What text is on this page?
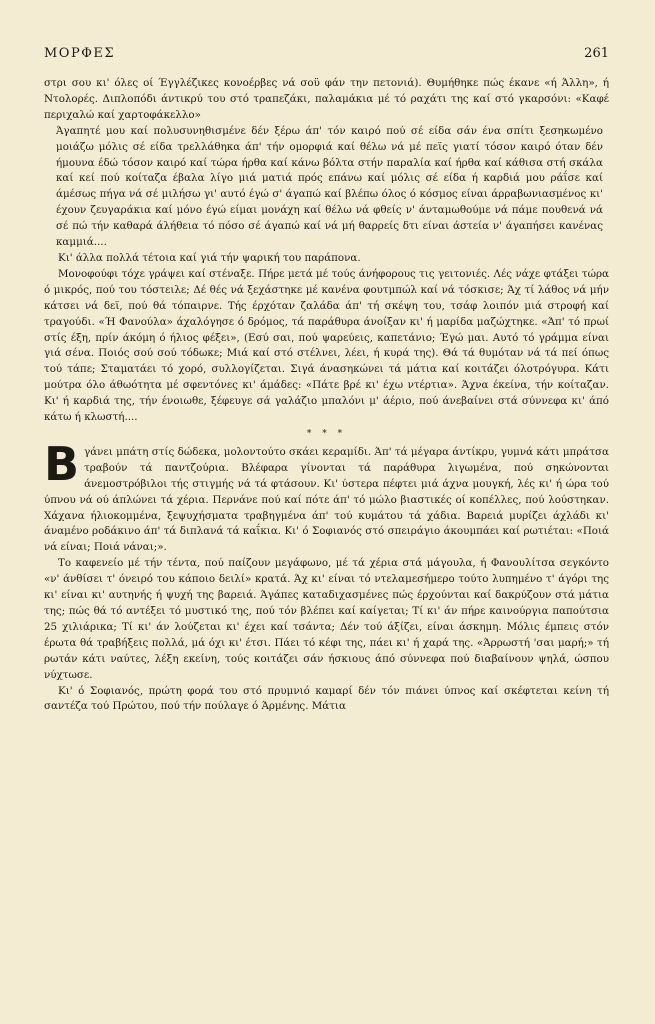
ΜΟΡΦΕΣ	261

στρι σου κι' όλες οί Έγγλέζικες κονοέρβες νά σοϋ φάν την πετονιά). Θυμήθηκε πώς έκανε «ή Άλλη», ή Ντολορές. Διπλοπόδι άντικρύ του στό τραπεζάκι, παλαμάκια μέ τό ραχάτι της καί στό γκαρσόνι: «Καφέ περιχαλώ καί χαρτοφάκελλο»

Άγαπητέ μου καί πολυσυνηθισμένε δέν ξέρω άπ' τόν καιρό πού σέ είδα σάν ένα σπίτι ξεσηκωμένο μοιάζω μόλις σέ είδα τρελλάθηκα άπ' τήν ομορφιά καί θέλω νά μέ πεϊς γιατί τόσον καιρό όταν δέν ήμουνα έδώ τόσον καιρό καί τώρα ήρθα καί κάνω βόλτα στήν παραλία καί ήρθα καί κάθισα στή σκάλα καί κεί πού κοίταζα έβαλα λίγο μιά ματιά πρός επάνω καί μόλις σέ είδα ή καρδιά μου ράΐσε καί άμέσως πήγα νά σέ μιλήσω γι' αυτό έγώ σ' άγαπώ καί βλέπω όλος ό κόσμος είναι άρραβωνιασμένος κι' έχουν ζευγαράκια καί μόνο έγώ είμαι μονάχη καί θέλω νά φθείς ν' άνταμωθούμε νά πάμε πουθενά νά σέ πώ τήν καθαρά άλήθεια τό πόσο σέ άγαπώ καί νά μή θαρρείς δτι είναι άστεία ν' άγαπήσει κανένας καμμιά....

Κι' άλλα πολλά τέτοια καί γιά τήν ψαρική του παράπονα.

Μονοφούφι τόχε γράψει καί στέναξε. Πήρε μετά μέ τούς άνήφορους τις γειτονιές. Λές νάχε φτάξει τώρα ό μικρός, πού του τόστειλε; Δέ θές νά ξεχάστηκε μέ κανένα φουτμπώλ καί νά τόσκισε; Άχ τί λάθος νά μήν κάτσει νά δεϊ, πού θά τόπαιρνε. Τής έρχόταν ζαλάδα άπ' τή σκέψη του, τσάφ λοιπόν μιά στροφή καί τραγούδι. «Ή Φανούλα» άχαλόγησε ό δρόμος, τά παράθυρα άνοίξαν κι' ή μαρίδα μαζώχτηκε. «Άπ' τό πρωί στίς έξη, πρίν άκόμη ό ήλιος φέξει», (Εσύ σαι, πού ψαρεύεις, καπετάνιο; Έγώ μαι. Αυτό τό γράμμα είναι γιά σένα. Ποιός σού σού τόδωκε; Μιά καί στό στέλνει, λέει, ή κυρά της). Θά τά θυμόταν νά τά πεί όπως τού τάπε; Σταματάει τό χορό, συλλογίζεται. Σιγά άνασηκώνει τά μάτια καί κοιτάζει όλοτρόγυρα. Κάτι μούτρα όλο άθωότητα μέ σφεντόνες κι' άμάδες: «Πάτε βρέ κι' έχω ντέρτια». Άχνα έκείνα, τήν κοίταζαν. Κι' ή καρδιά της, τήν ένοιωθε, ξέφευγε σά γαλάζιο μπαλόνι μ' άέριο, πού άνεβαίνει στά σύννεφα κι' άπό κάτω ή κλωστή....

* * *
Β γάνει μπάτη στίς δώδεκα, μολοντούτο σκάει κεραμίδι. Άπ' τά μέγαρα άντίκρυ, γυμνά κάτι μπράτσα τραβούν τά παντζούρια. Βλέφαρα γίνονται τά παράθυρα λιγωμένα, πού σηκώνονται άνεμοστρόβιλοι τής στιγμής νά τά φτάσουν. Κι' ύστερα πέφτει μιά άχνα μουγκή, λές κι' ή ώρα τού ύπνου νά ού άπλώνει τά χέρια. Περνάνε πού καί πότε άπ' τό μώλο βιαστικές οί κοπέλλες, πού λούστηκαν. Χάχανα ήλιοκομμένα, ξεψυχήσματα τραβηγμένα άπ' τού κυμάτου τά χάδια. Βαρειά μυρίζει άχλάδι κι' άναμένο ροδάκινο άπ' τά διπλανά τά καΐκια. Κι' ό Σοφιανός στό σπειράγιο άκουμπάει καί ρωτιέται: «Ποιά νά είναι; Ποιά νάναι;».

Το καφενείο μέ τήν τέντα, πού παίζουν μεγάφωνο, μέ τά χέρια στά μάγουλα, ή Φανουλίτσα σεγκόντο «ν' άνθίσει τ' όνειρό του κάποιο δειλί» κρατά. Άχ κι' είναι τό ντελαμεσήμερο τούτο λυπημένο τ' άγόρι της κι' είναι κι' αυτηνής ή ψυχή της βαρειά. Άγάπες καταδιχασμένες πώς έρχούνται καί δακρύζουν στά μάτια της; πώς θά τό αντέξει τό μυστικό της, πού τόν βλέπει καί καίγεται; Τί κι' άν πήρε καινούργια παπούτσια 25 χιλιάρικα; Τί κι' άν λούζεται κι' έχει καί τσάντα; Δέν τού άξίζει, είναι άσκημη. Μόλις έμπεις στόν έρωτα θά τραβήξεις πολλά, μά όχι κι' έτσι. Πάει τό κέφι της, πάει κι' ή χαρά της. «Άρρωστή 'σαι μαρή;» τή ρωτάν κάτι ναύτες, λέξη εκείνη, τούς κοιτάζει σάν ήσκιους άπό σύννεφα πού διαβαίνουν ψηλά, ώσπου νύχτωσε.

Κι' ό Σοφιανός, πρώτη φορά του στό πρυμνιό καμαρί δέν τόν πιάνει ύπνος καί σκέφτεται κείνη τή σαντέζα τού Πρώτου, πού τήν πούλαγε ό Άρμένης. Μάτια
